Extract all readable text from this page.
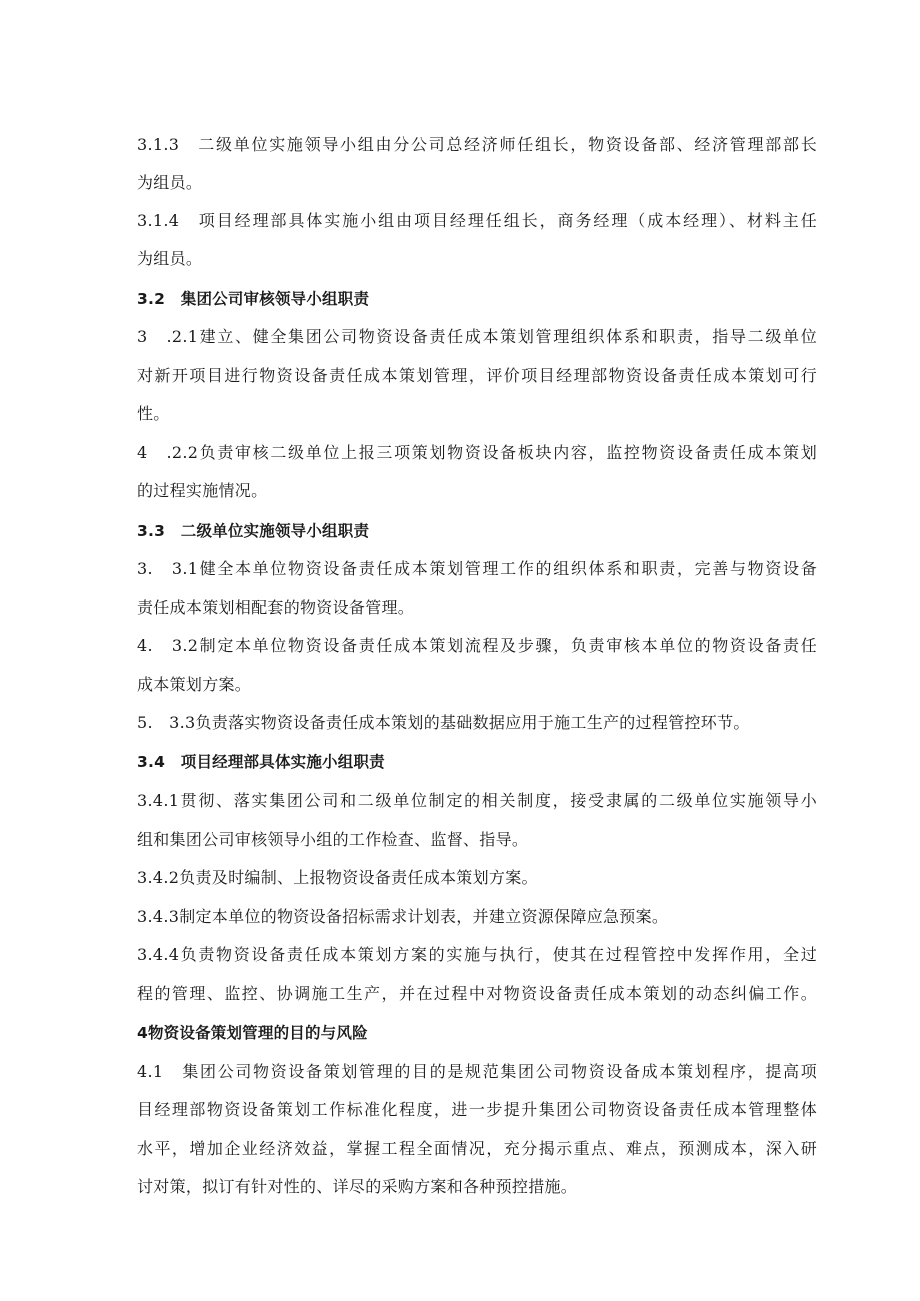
3.1.3　二级单位实施领导小组由分公司总经济师任组长，物资设备部、经济管理部部长
为组员。
3.1.4　项目经理部具体实施小组由项目经理任组长，商务经理（成本经理）、材料主任
为组员。
3.2　集团公司审核领导小组职责
3　.2.1建立、健全集团公司物资设备责任成本策划管理组织体系和职责，指导二级单位
对新开项目进行物资设备责任成本策划管理，评价项目经理部物资设备责任成本策划可行
性。
4　.2.2负责审核二级单位上报三项策划物资设备板块内容，监控物资设备责任成本策划
的过程实施情况。
3.3　二级单位实施领导小组职责
3.　3.1健全本单位物资设备责任成本策划管理工作的组织体系和职责，完善与物资设备
责任成本策划相配套的物资设备管理。
4.　3.2制定本单位物资设备责任成本策划流程及步骤，负责审核本单位的物资设备责任
成本策划方案。
5.　3.3负责落实物资设备责任成本策划的基础数据应用于施工生产的过程管控环节。
3.4　项目经理部具体实施小组职责
3.4.1贯彻、落实集团公司和二级单位制定的相关制度，接受隶属的二级单位实施领导小
组和集团公司审核领导小组的工作检查、监督、指导。
3.4.2负责及时编制、上报物资设备责任成本策划方案。
3.4.3制定本单位的物资设备招标需求计划表，并建立资源保障应急预案。
3.4.4负责物资设备责任成本策划方案的实施与执行，使其在过程管控中发挥作用，全过
程的管理、监控、协调施工生产，并在过程中对物资设备责任成本策划的动态纠偏工作。
4物资设备策划管理的目的与风险
4.1　集团公司物资设备策划管理的目的是规范集团公司物资设备成本策划程序，提高项
目经理部物资设备策划工作标准化程度，进一步提升集团公司物资设备责任成本管理整体
水平，增加企业经济效益，掌握工程全面情况，充分揭示重点、难点，预测成本，深入研
讨对策，拟订有针对性的、详尽的采购方案和各种预控措施。
